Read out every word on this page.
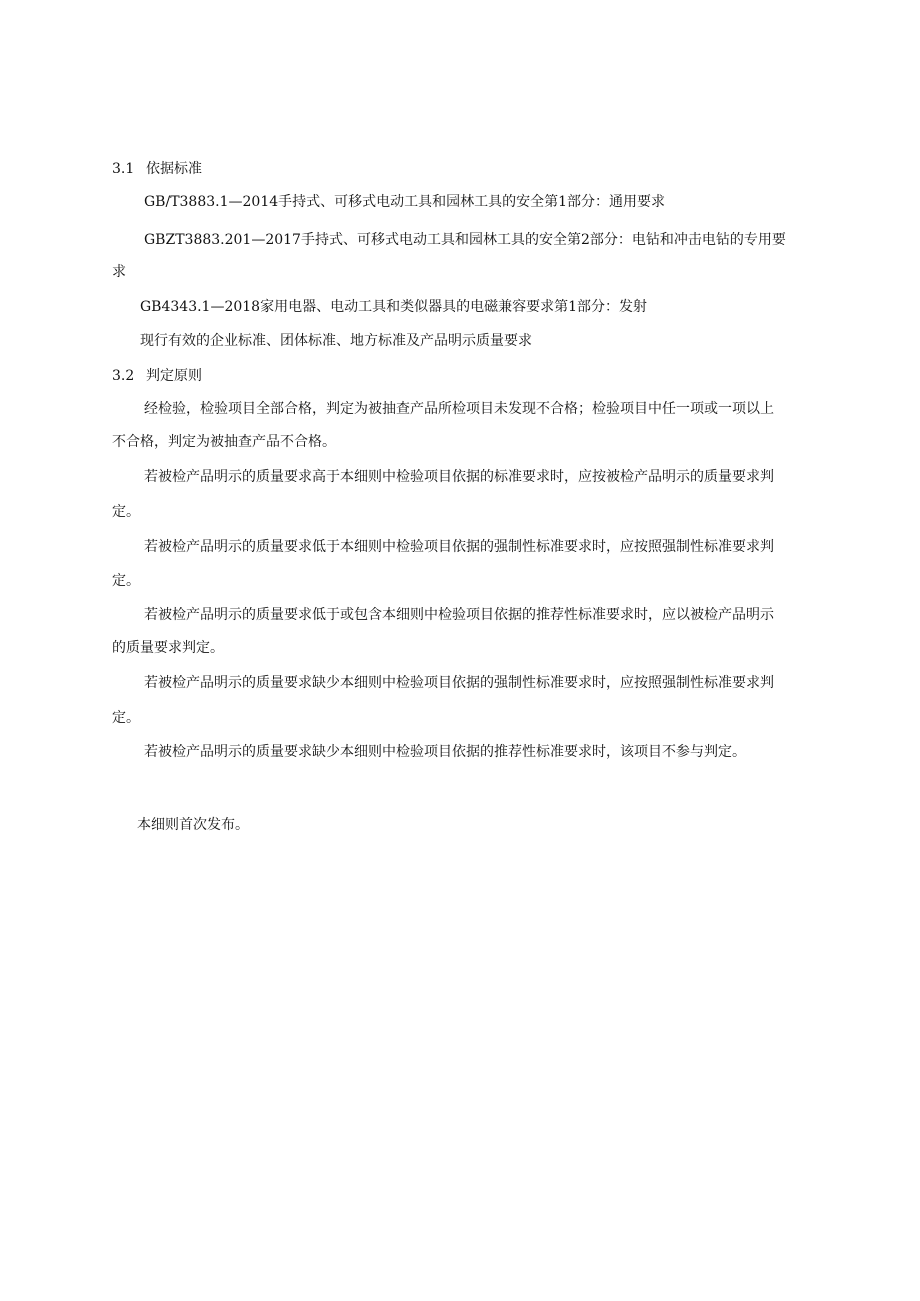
3.1 依据标准
GB/T3883.1—2014手持式、可移式电动工具和园林工具的安全第1部分：通用要求
GBZT3883.201—2017手持式、可移式电动工具和园林工具的安全第2部分：电钻和冲击电钻的专用要
求
GB4343.1—2018家用电器、电动工具和类似器具的电磁兼容要求第1部分：发射
现行有效的企业标准、团体标准、地方标准及产品明示质量要求
3.2 判定原则
经检验，检验项目全部合格，判定为被抽查产品所检项目未发现不合格；检验项目中任一项或一项以上
不合格，判定为被抽查产品不合格。
若被检产品明示的质量要求高于本细则中检验项目依据的标准要求时，应按被检产品明示的质量要求判
定。
若被检产品明示的质量要求低于本细则中检验项目依据的强制性标准要求时，应按照强制性标准要求判
定。
若被检产品明示的质量要求低于或包含本细则中检验项目依据的推荐性标准要求时，应以被检产品明示
的质量要求判定。
若被检产品明示的质量要求缺少本细则中检验项目依据的强制性标准要求时，应按照强制性标准要求判
定。
若被检产品明示的质量要求缺少本细则中检验项目依据的推荐性标准要求时，该项目不参与判定。
本细则首次发布。
